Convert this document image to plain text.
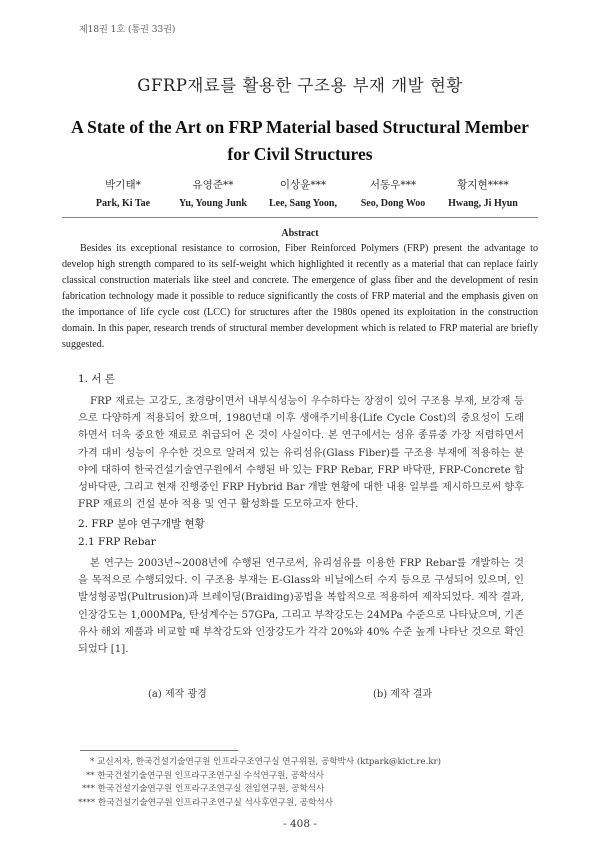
제18권 1호 (통권 33권)
GFRP재료를 활용한 구조용 부재 개발 현황
A State of the Art on FRP Material based Structural Member for Civil Structures
박기태*
Park, Ki Tae
유영준**
Yu, Young Junk
이상윤***
Lee, Sang Yoon,
서동우***
Seo, Dong Woo
황지현****
Hwang, Ji Hyun
Abstract

Besides its exceptional resistance to corrosion, Fiber Reinforced Polymers (FRP) present the advantage to develop high strength compared to its self-weight which highlighted it recently as a material that can replace fairly classical construction materials like steel and concrete. The emergence of glass fiber and the development of resin fabrication technology made it possible to reduce significantly the costs of FRP material and the emphasis given on the importance of life cycle cost (LCC) for structures after the 1980s opened its exploitation in the construction domain. In this paper, research trends of structural member development which is related to FRP material are briefly suggested.

1. 서 론

FRP 재료는 고강도, 초경량이면서 내부식성능이 우수하다는 장점이 있어 구조용 부재, 보강재 등으로 다양하게 적용되어 왔으며, 1980년대 이후 생애주기비용(Life Cycle Cost)의 중요성이 도래하면서 더욱 중요한 재료로 취급되어 온 것이 사실이다. 본 연구에서는 섬유 종류중 가장 저렴하면서 가격 대비 성능이 우수한 것으로 알려져 있는 유리섬유(Glass Fiber)를 구조용 부재에 적용하는 분야에 대하여 한국건설기술연구원에서 수행된 바 있는 FRP Rebar, FRP 바닥판, FRP-Concrete 합성바닥판, 그리고 현재 진행중인 FRP Hybrid Bar 개발 현황에 대한 내용 일부를 제시하므로써 향후 FRP 재료의 건설 분야 적용 및 연구 활성화를 도모하고자 한다.

2. FRP 분야 연구개발 현황
2.1 FRP Rebar

본 연구는 2003년~2008년에 수행된 연구로써, 유리섬유를 이용한 FRP Rebar를 개발하는 것을 목적으로 수행되었다. 이 구조용 부재는 E-Glass와 비닐에스터 수지 등으로 구성되어 있으며, 인발성형공법(Pultrusion)과 브레이딩(Braiding)공법을 복합적으로 적용하여 제작되었다. 제작 결과, 인장강도는 1,000MPa, 탄성계수는 57GPa, 그리고 부착강도는 24MPa 수준으로 나타났으며, 기존 유사 해외 제품과 비교할 때 부착강도와 인장강도가 각각 20%와 40% 수준 높게 나타난 것으로 확인되었다 [1].

(a) 제작 광경	(b) 제작 결과
* 교신저자, 한국건설기술연구원 인프라구조연구실 연구위원, 공학박사 (ktpark@kict.re.kr)
** 한국건설기술연구원 인프라구조연구실 수석연구원, 공학석사
*** 한국건설기술연구원 인프라구조연구실 전임연구원, 공학석사
**** 한국건설기술연구원 인프라구조연구실 석사후연구원, 공학석사
- 408 -
